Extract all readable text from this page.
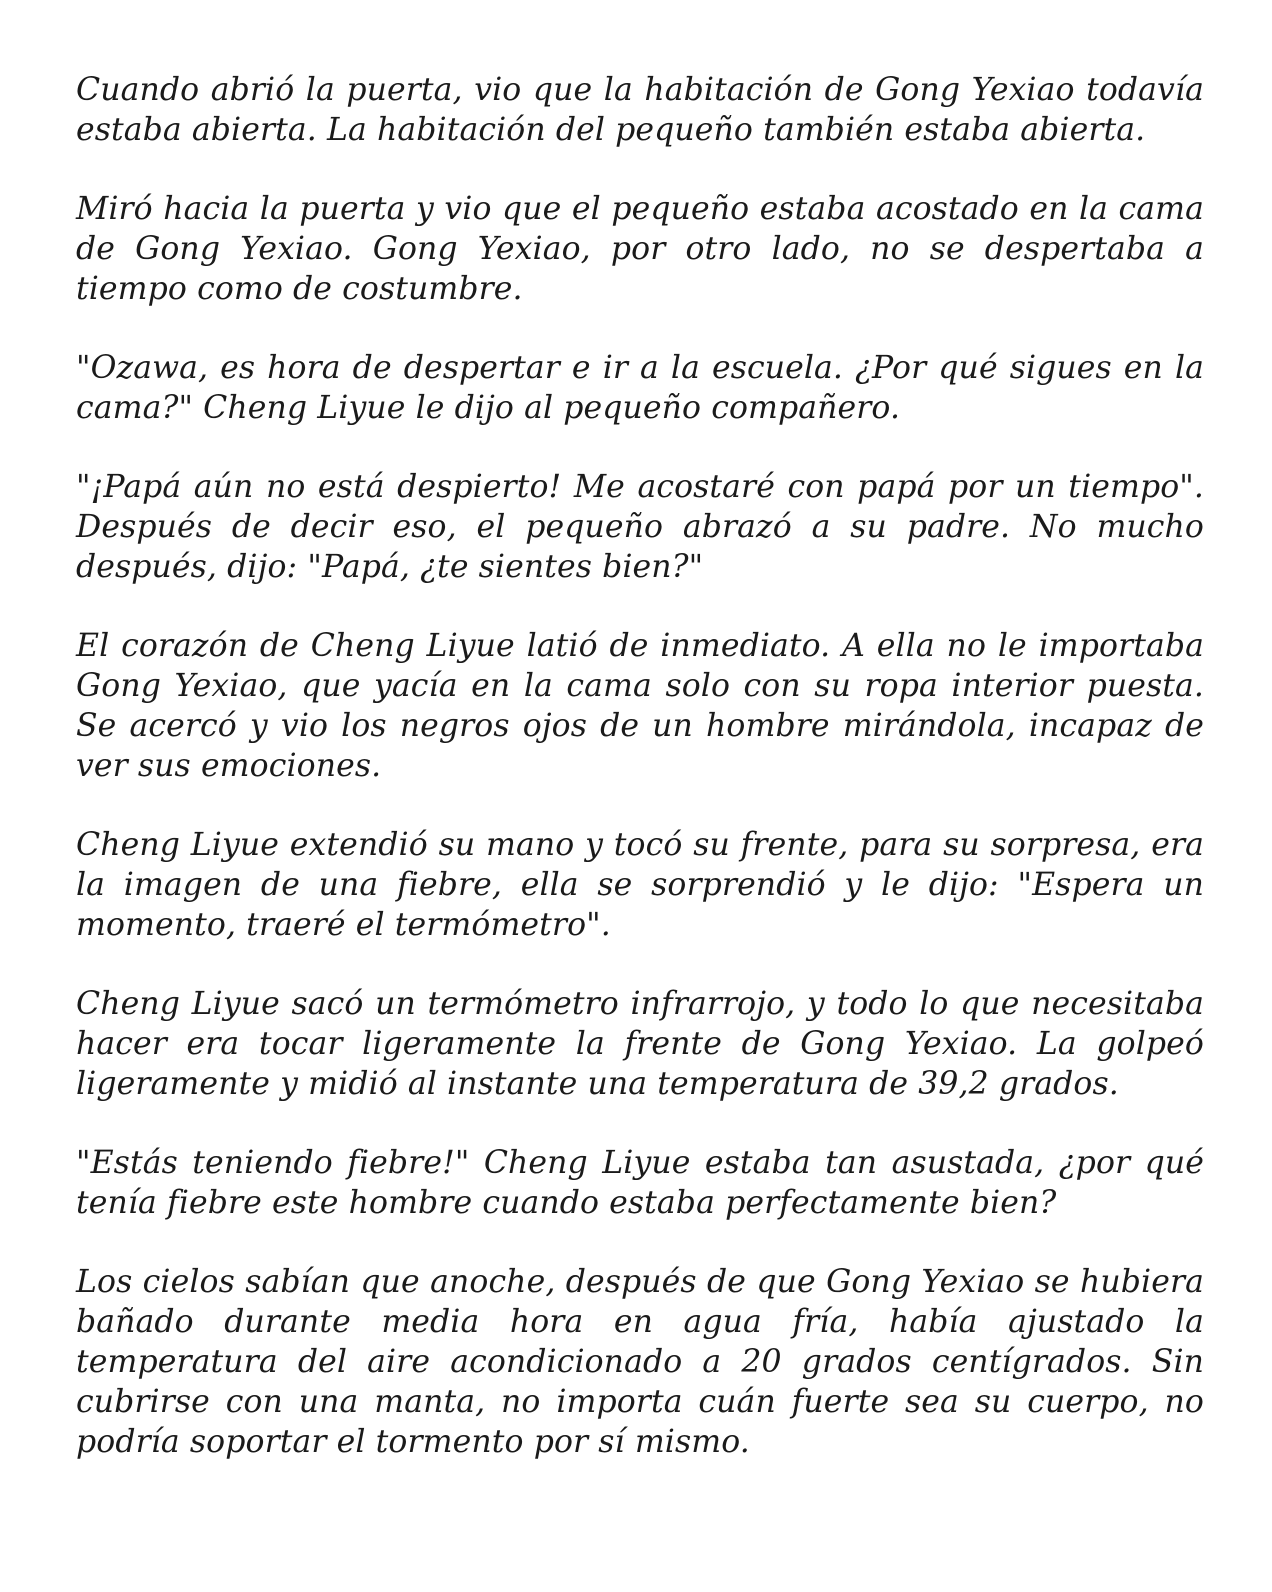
Cuando abrió la puerta, vio que la habitación de Gong Yexiao todavía estaba abierta. La habitación del pequeño también estaba abierta.

Miró hacia la puerta y vio que el pequeño estaba acostado en la cama de Gong Yexiao. Gong Yexiao, por otro lado, no se despertaba a tiempo como de costumbre.

"Ozawa, es hora de despertar e ir a la escuela. ¿Por qué sigues en la cama?" Cheng Liyue le dijo al pequeño compañero.

"¡Papá aún no está despierto! Me acostaré con papá por un tiempo". Después de decir eso, el pequeño abrazó a su padre. No mucho después, dijo: "Papá, ¿te sientes bien?"

El corazón de Cheng Liyue latió de inmediato. A ella no le importaba Gong Yexiao, que yacía en la cama solo con su ropa interior puesta. Se acercó y vio los negros ojos de un hombre mirándola, incapaz de ver sus emociones.

Cheng Liyue extendió su mano y tocó su frente, para su sorpresa, era la imagen de una fiebre, ella se sorprendió y le dijo: "Espera un momento, traeré el termómetro".

Cheng Liyue sacó un termómetro infrarrojo, y todo lo que necesitaba hacer era tocar ligeramente la frente de Gong Yexiao. La golpeó ligeramente y midió al instante una temperatura de 39,2 grados.

"Estás teniendo fiebre!" Cheng Liyue estaba tan asustada, ¿por qué tenía fiebre este hombre cuando estaba perfectamente bien?

Los cielos sabían que anoche, después de que Gong Yexiao se hubiera bañado durante media hora en agua fría, había ajustado la temperatura del aire acondicionado a 20 grados centígrados. Sin cubrirse con una manta, no importa cuán fuerte sea su cuerpo, no podría soportar el tormento por sí mismo.
